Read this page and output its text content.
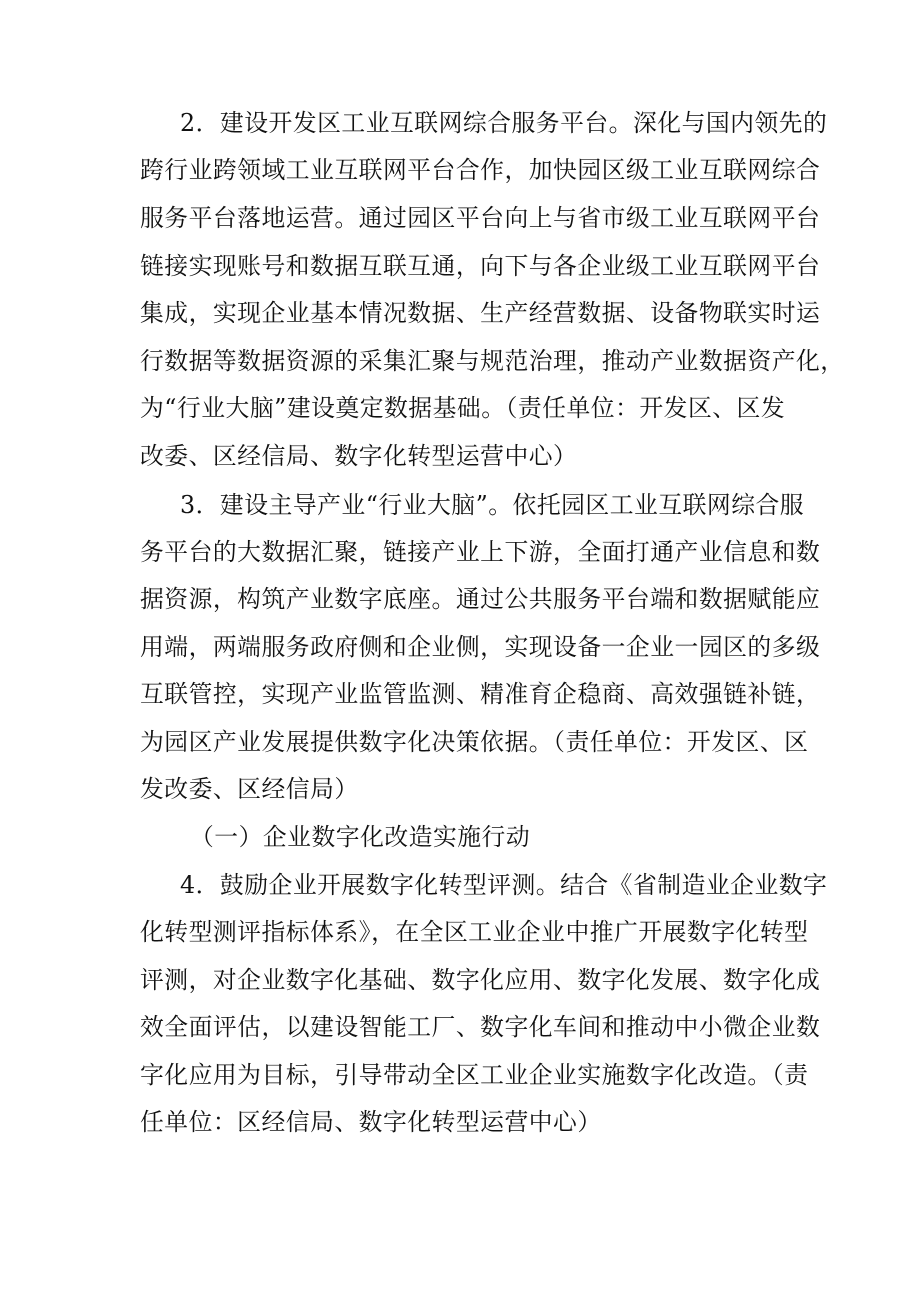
2．建设开发区工业互联网综合服务平台。深化与国内领先的
跨行业跨领域工业互联网平台合作，加快园区级工业互联网综合
服务平台落地运营。通过园区平台向上与省市级工业互联网平台
链接实现账号和数据互联互通，向下与各企业级工业互联网平台
集成，实现企业基本情况数据、生产经营数据、设备物联实时运
行数据等数据资源的采集汇聚与规范治理，推动产业数据资产化，
为“行业大脑”建设奠定数据基础。（责任单位：开发区、区发
改委、区经信局、数字化转型运营中心）
3．建设主导产业“行业大脑”。依托园区工业互联网综合服
务平台的大数据汇聚，链接产业上下游，全面打通产业信息和数
据资源，构筑产业数字底座。通过公共服务平台端和数据赋能应
用端，两端服务政府侧和企业侧，实现设备一企业一园区的多级
互联管控，实现产业监管监测、精准育企稳商、高效强链补链，
为园区产业发展提供数字化决策依据。（责任单位：开发区、区
发改委、区经信局）
（一）企业数字化改造实施行动
4．鼓励企业开展数字化转型评测。结合《省制造业企业数字
化转型测评指标体系》，在全区工业企业中推广开展数字化转型
评测，对企业数字化基础、数字化应用、数字化发展、数字化成
效全面评估，以建设智能工厂、数字化车间和推动中小微企业数
字化应用为目标，引导带动全区工业企业实施数字化改造。（责
任单位：区经信局、数字化转型运营中心）
